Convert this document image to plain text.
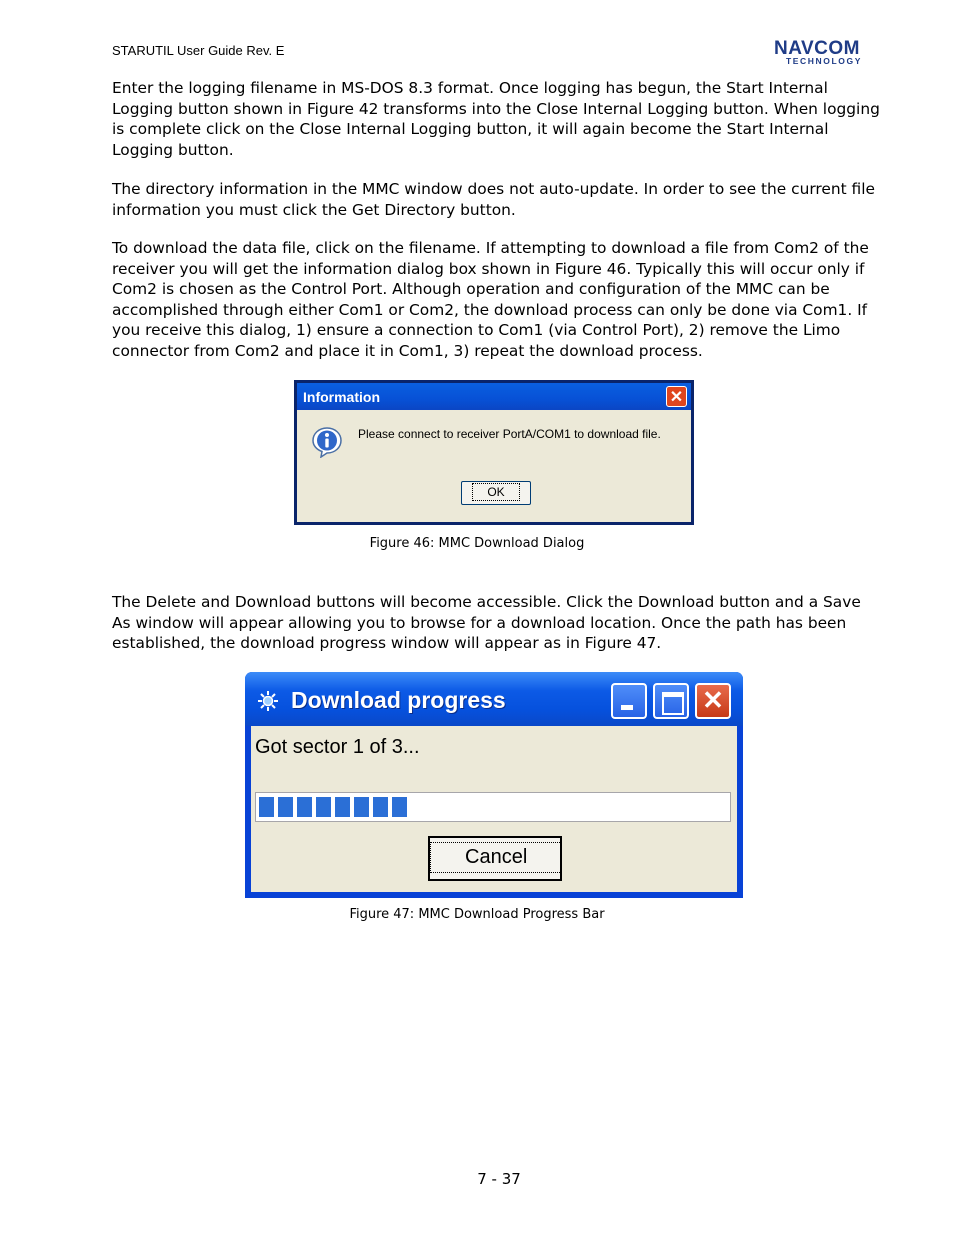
STARUTIL User Guide Rev. E	NAVCOM
TECHNOLOGY

Enter the logging filename in MS-DOS 8.3 format. Once logging has begun, the Start Internal Logging button shown in Figure 42 transforms into the Close Internal Logging button. When logging is complete click on the Close Internal Logging button, it will again become the Start Internal Logging button.

The directory information in the MMC window does not auto-update. In order to see the current file information you must click the Get Directory button.

To download the data file, click on the filename. If attempting to download a file from Com2 of the receiver you will get the information dialog box shown in Figure 46. Typically this will occur only if Com2 is chosen as the Control Port. Although operation and configuration of the MMC can be accomplished through either Com1 or Com2, the download process can only be done via Com1. If you receive this dialog, 1) ensure a connection to Com1 (via Control Port), 2) remove the Limo connector from Com2 and place it in Com1, 3) repeat the download process.

Information	✕
Please connect to receiver PortA/COM1 to download file.
OK
Figure 46: MMC Download Dialog

The Delete and Download buttons will become accessible. Click the Download button and a Save As window will appear allowing you to browse for a download location. Once the path has been established, the download progress window will appear as in Figure 47.

Download progress	✕
Got sector 1 of 3...
Cancel
Figure 47: MMC Download Progress Bar
7 - 37
